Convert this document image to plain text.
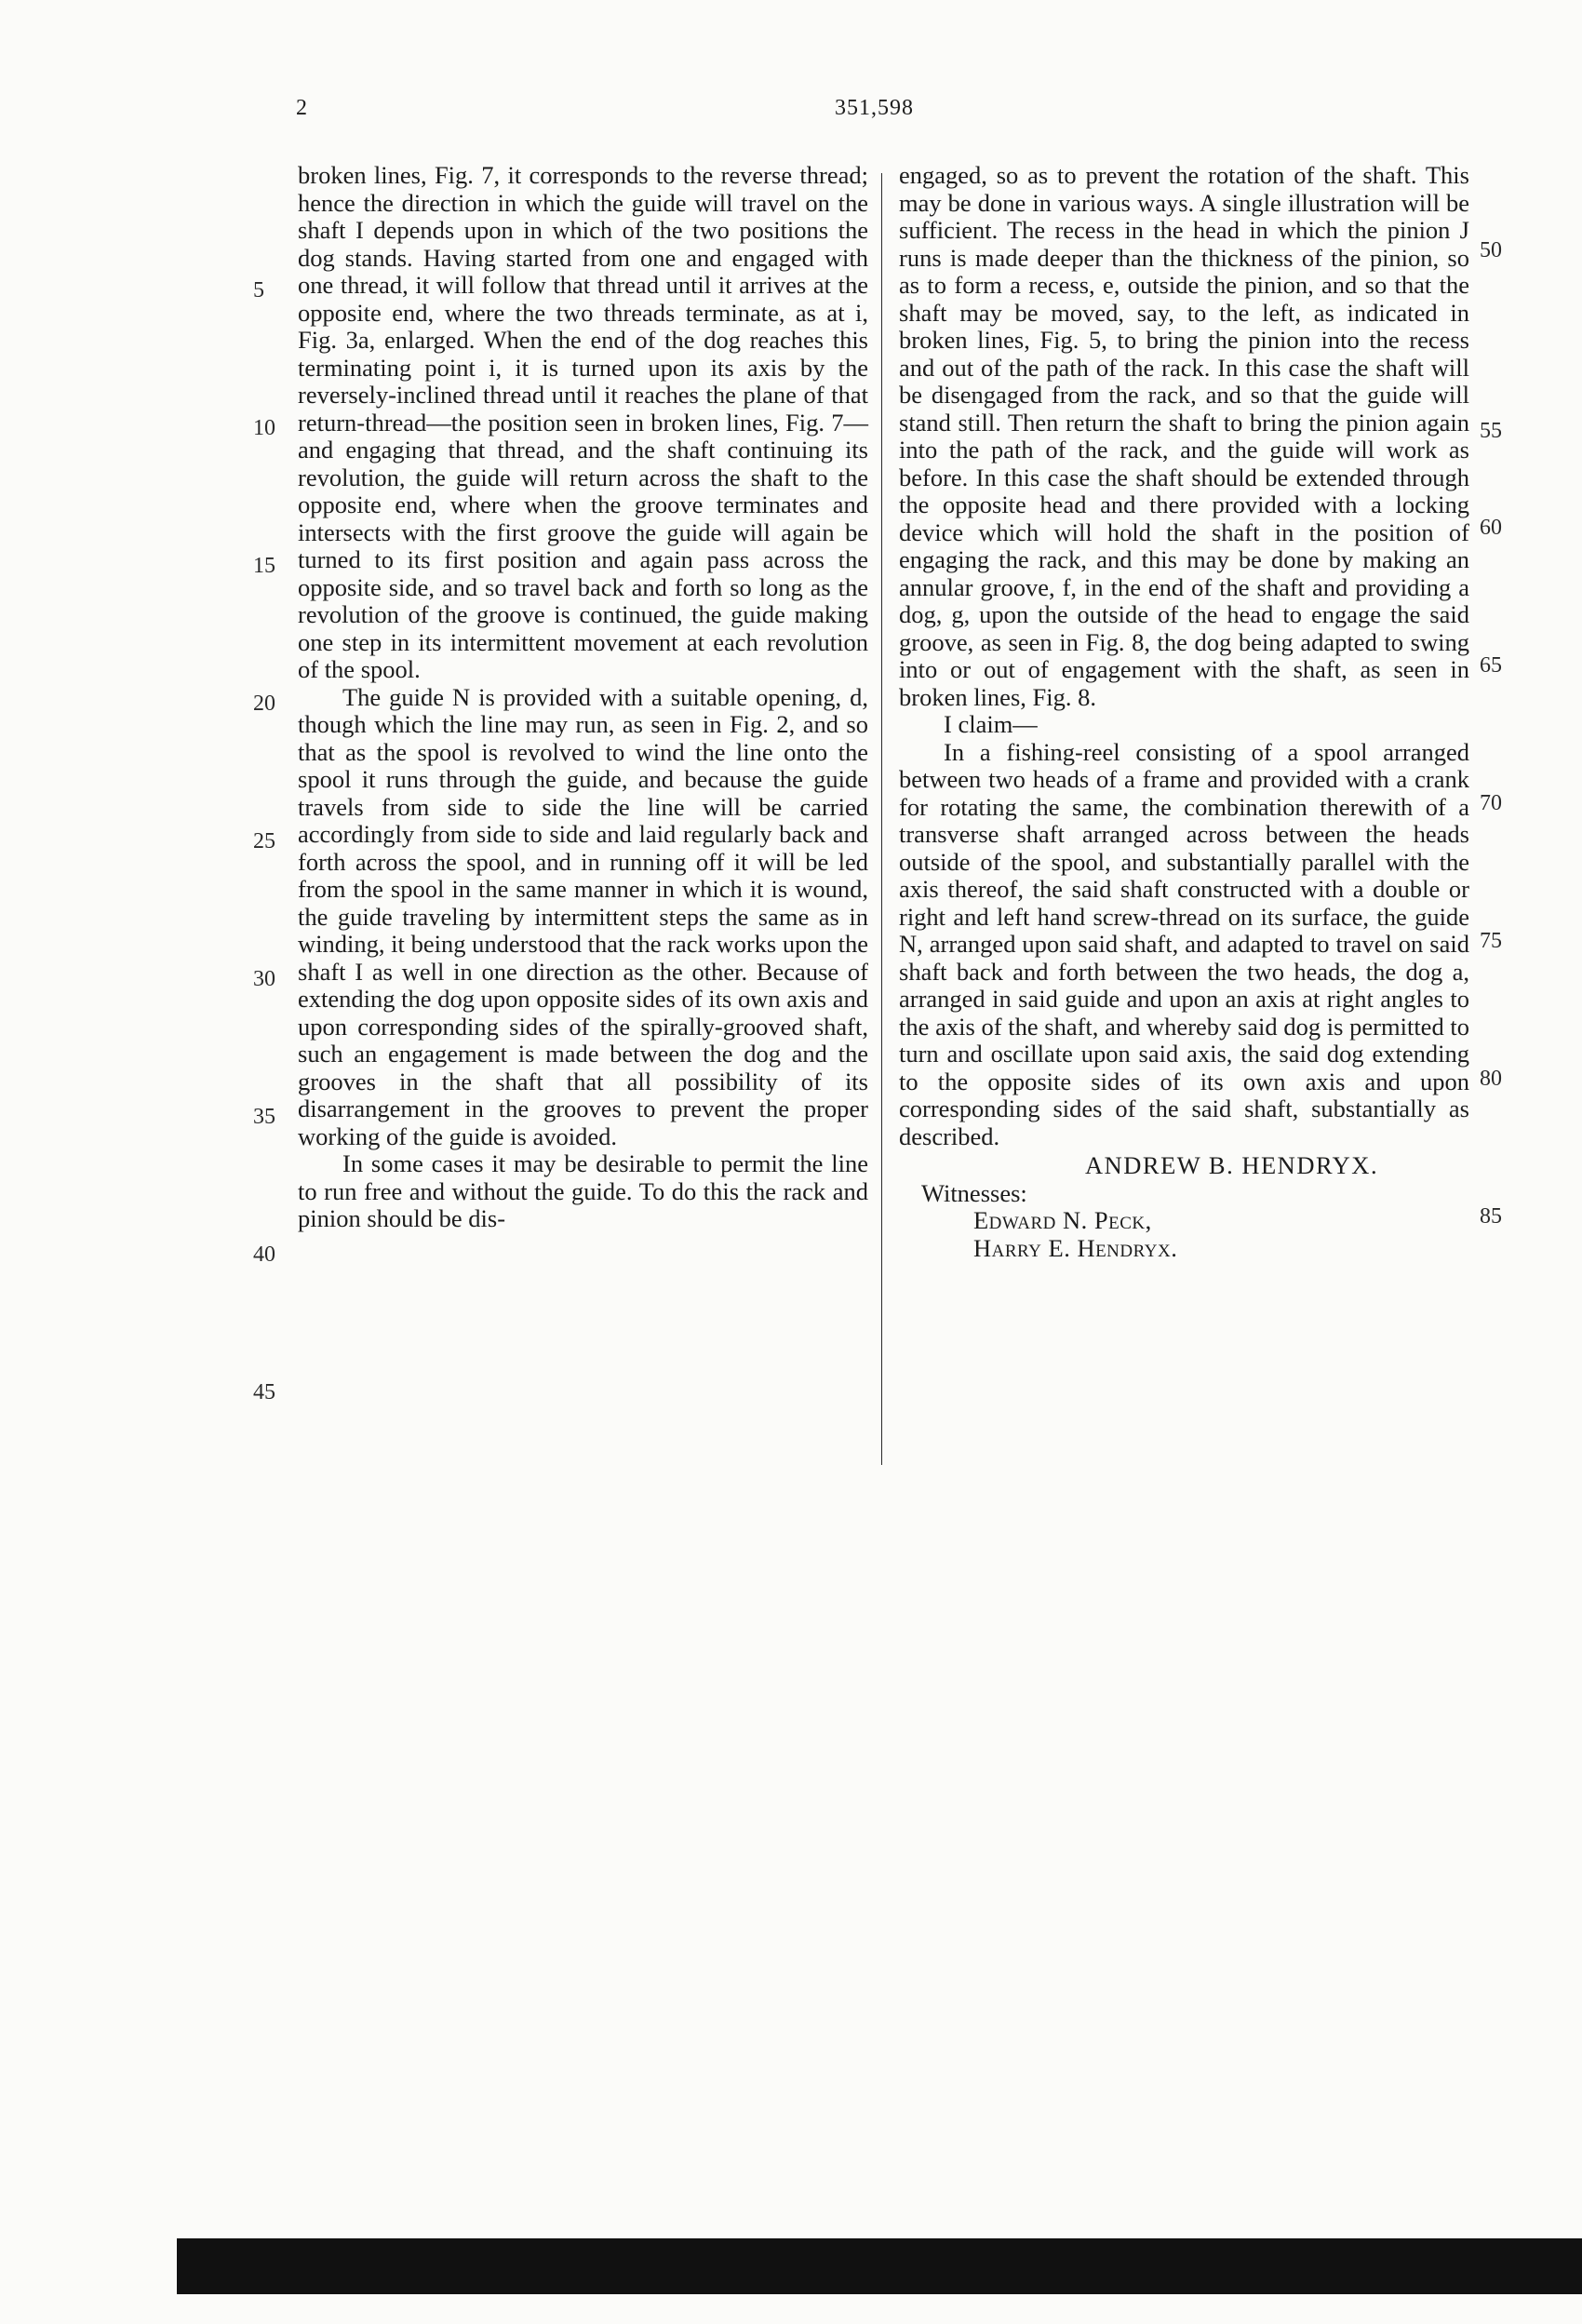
2	351,598

broken lines, Fig. 7, it corresponds to the reverse thread; hence the direction in which the guide will travel on the shaft I depends upon in which of the two positions the dog stands. Having started from one and engaged with one thread, it will follow that thread until it arrives at the opposite end, where the two threads terminate, as at i, Fig. 3a, enlarged. When the end of the dog reaches this terminating point i, it is turned upon its axis by the reversely-inclined thread until it reaches the plane of that return-thread—the position seen in broken lines, Fig. 7—and engaging that thread, and the shaft continuing its revolution, the guide will return across the shaft to the opposite end, where when the groove terminates and intersects with the first groove the guide will again be turned to its first position and again pass across the opposite side, and so travel back and forth so long as the revolution of the groove is continued, the guide making one step in its intermittent movement at each revolution of the spool.

The guide N is provided with a suitable opening, d, though which the line may run, as seen in Fig. 2, and so that as the spool is revolved to wind the line onto the spool it runs through the guide, and because the guide travels from side to side the line will be carried accordingly from side to side and laid regularly back and forth across the spool, and in running off it will be led from the spool in the same manner in which it is wound, the guide traveling by intermittent steps the same as in winding, it being understood that the rack works upon the shaft I as well in one direction as the other. Because of extending the dog upon opposite sides of its own axis and upon corresponding sides of the spirally-grooved shaft, such an engagement is made between the dog and the grooves in the shaft that all possibility of its disarrangement in the grooves to prevent the proper working of the guide is avoided.

In some cases it may be desirable to permit the line to run free and without the guide. To do this the rack and pinion should be dis-

engaged, so as to prevent the rotation of the shaft. This may be done in various ways. A single illustration will be sufficient. The recess in the head in which the pinion J runs is made deeper than the thickness of the pinion, so as to form a recess, e, outside the pinion, and so that the shaft may be moved, say, to the left, as indicated in broken lines, Fig. 5, to bring the pinion into the recess and out of the path of the rack. In this case the shaft will be disengaged from the rack, and so that the guide will stand still. Then return the shaft to bring the pinion again into the path of the rack, and the guide will work as before. In this case the shaft should be extended through the opposite head and there provided with a locking device which will hold the shaft in the position of engaging the rack, and this may be done by making an annular groove, f, in the end of the shaft and providing a dog, g, upon the outside of the head to engage the said groove, as seen in Fig. 8, the dog being adapted to swing into or out of engagement with the shaft, as seen in broken lines, Fig. 8.

I claim—

In a fishing-reel consisting of a spool arranged between two heads of a frame and provided with a crank for rotating the same, the combination therewith of a transverse shaft arranged across between the heads outside of the spool, and substantially parallel with the axis thereof, the said shaft constructed with a double or right and left hand screw-thread on its surface, the guide N, arranged upon said shaft, and adapted to travel on said shaft back and forth between the two heads, the dog a, arranged in said guide and upon an axis at right angles to the axis of the shaft, and whereby said dog is permitted to turn and oscillate upon said axis, the said dog extending to the opposite sides of its own axis and upon corresponding sides of the said shaft, substantially as described.

ANDREW B. HENDRYX.
Witnesses:
Edward N. Peck,
Harry E. Hendryx.
5
10
15
20
25
30
35
40
45
50
55
60
65
70
75
80
85
